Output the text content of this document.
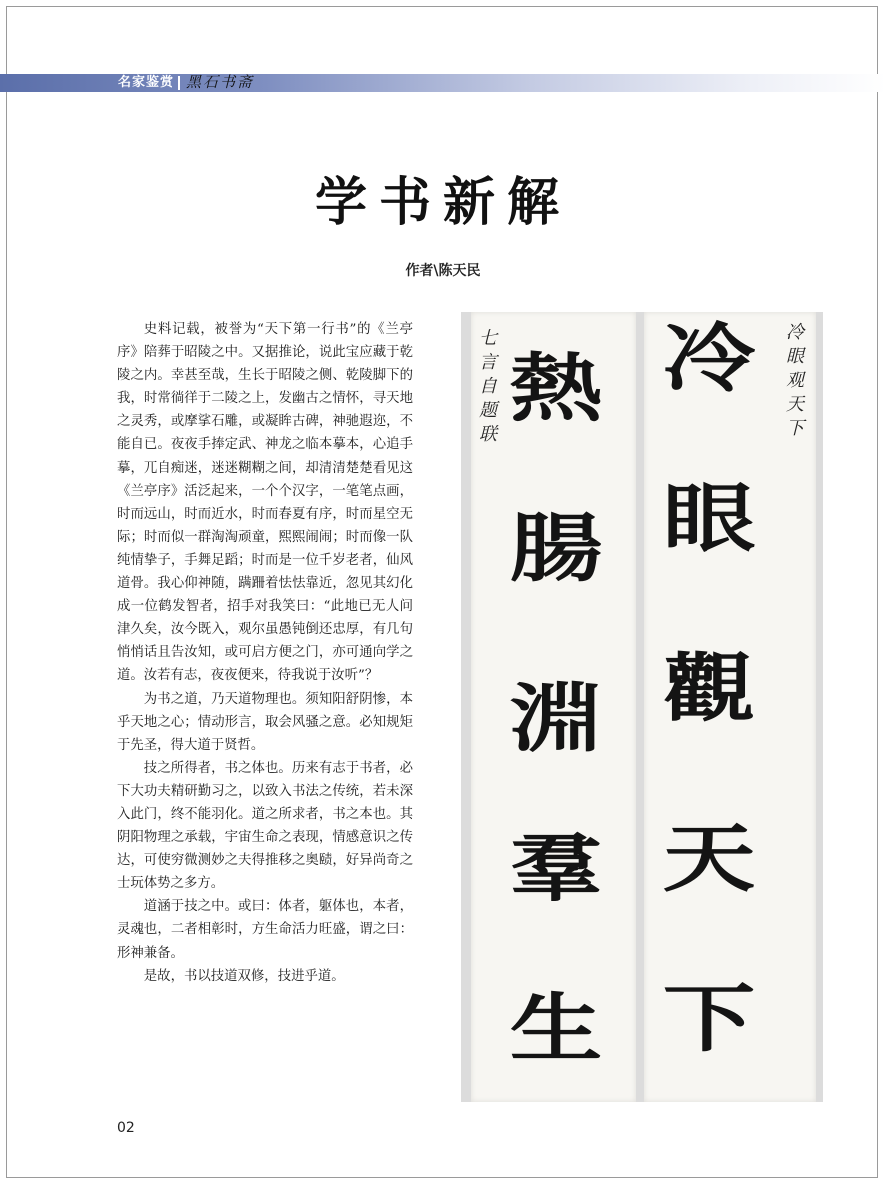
名家鉴赏 黑石书斋
学书新解
作者\陈天民

史料记载，被誉为“天下第一行书”的《兰亭序》陪葬于昭陵之中。又据推论，说此宝应藏于乾陵之内。幸甚至哉，生长于昭陵之侧、乾陵脚下的我，时常徜徉于二陵之上，发幽古之情怀，寻天地之灵秀，或摩挲石雕，或凝眸古碑，神驰遐迩，不能自已。夜夜手捧定武、神龙之临本摹本，心追手摹，兀自痴迷，迷迷糊糊之间，却清清楚楚看见这《兰亭序》活泛起来，一个个汉字，一笔笔点画，时而远山，时而近水，时而春夏有序，时而星空无际；时而似一群淘淘顽童，熙熙闹闹；时而像一队纯情挚子，手舞足蹈；时而是一位千岁老者，仙风道骨。我心仰神随，蹒跚着怯怯靠近，忽见其幻化成一位鹤发智者，招手对我笑曰：“此地已无人问津久矣，汝今既入，观尔虽愚钝倒还忠厚，有几句悄悄话且告汝知，或可启方便之门，亦可通向学之道。汝若有志，夜夜便来，待我说于汝听”？

为书之道，乃天道物理也。须知阳舒阴惨，本乎天地之心；情动形言，取会风骚之意。必知规矩于先圣，得大道于贤哲。

技之所得者，书之体也。历来有志于书者，必下大功夫精研勤习之，以致入书法之传统，若未深入此门，终不能羽化。道之所求者，书之本也。其阴阳物理之承载，宇宙生命之表现，情感意识之传达，可使穷微测妙之夫得推移之奥赜，好异尚奇之士玩体势之多方。

道涵于技之中。或曰：体者，躯体也，本者，灵魂也，二者相彰时，方生命活力旺盛，谓之曰：形神兼备。

是故，书以技道双修，技进乎道。

七言自题联 熱
腸
淵
羣
生
冷
眼
觀
天
下
冷眼观天下
02
